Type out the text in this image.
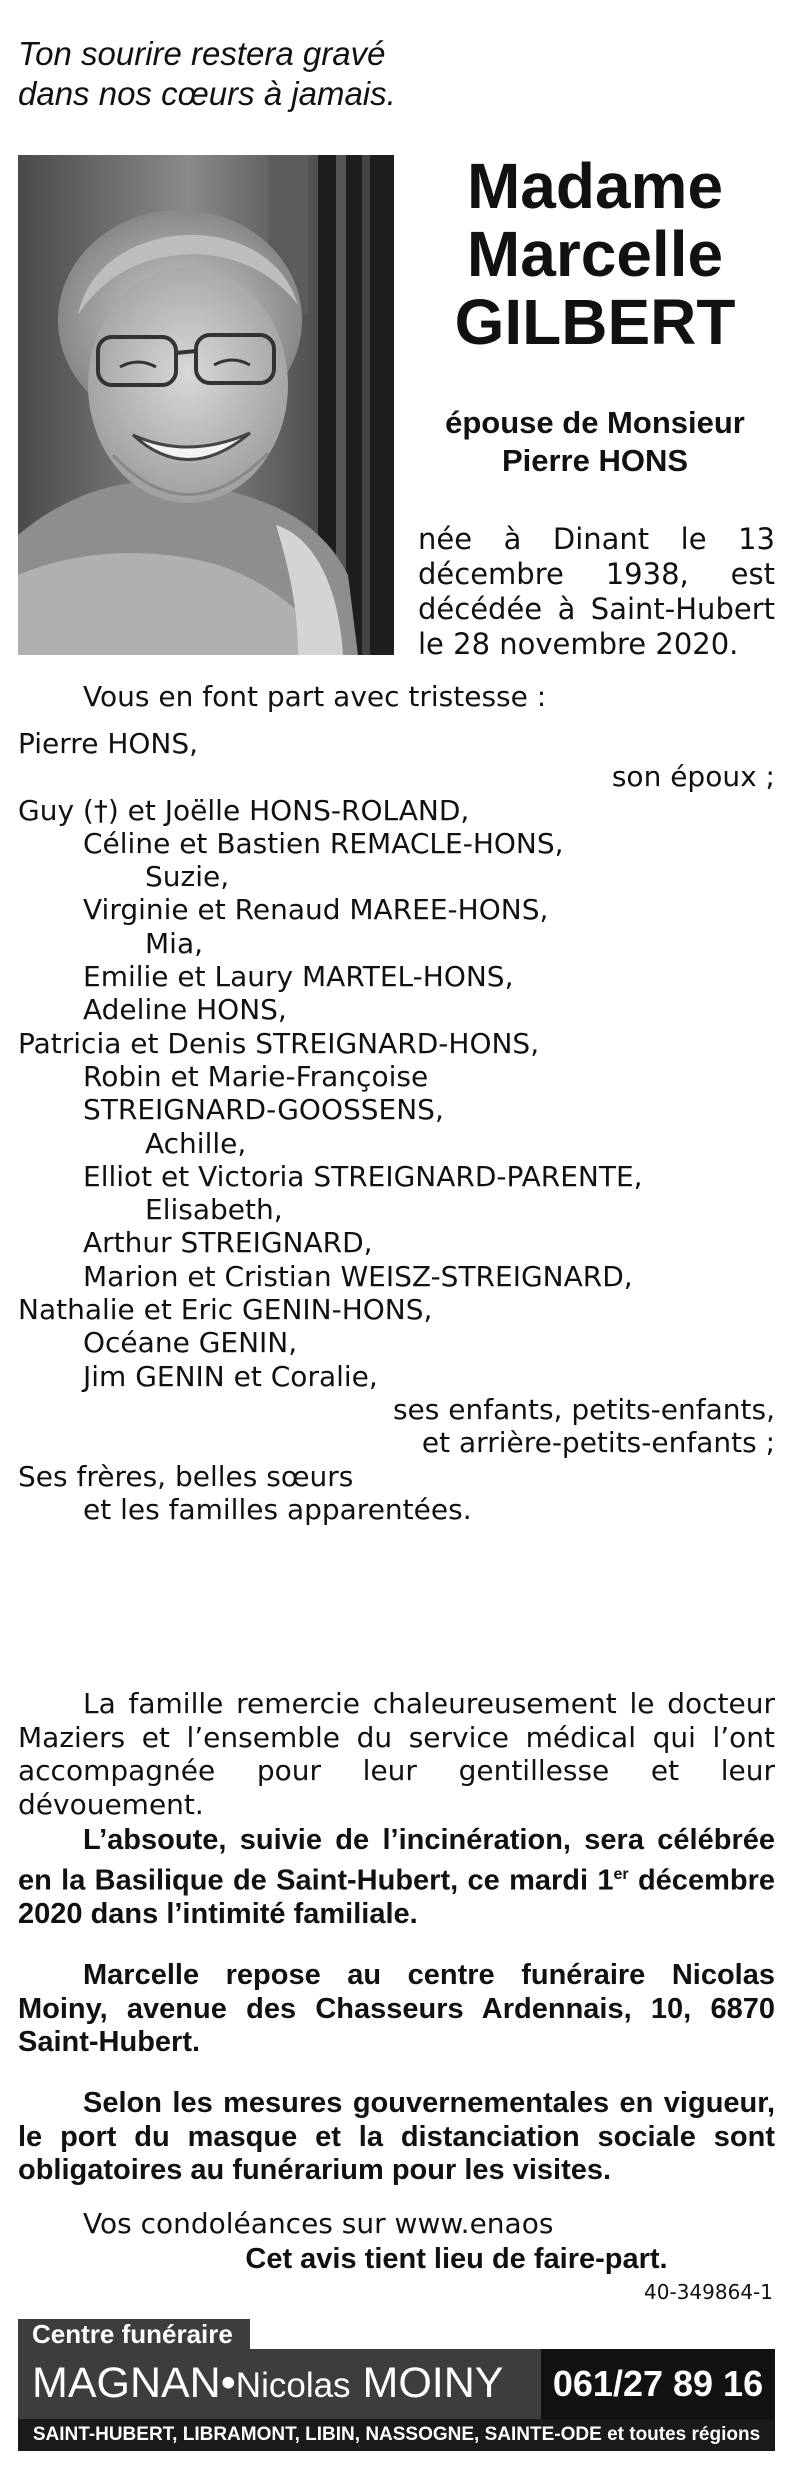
Ton sourire restera gravé
dans nos cœurs à jamais.
Madame
Marcelle
GILBERT
épouse de Monsieur
Pierre HONS
née à Dinant le 13 décembre 1938, est décédée à Saint-Hubert le 28 novembre 2020.
Vous en font part avec tristesse :
Pierre HONS,
son époux ;
Guy (†) et Joëlle HONS-ROLAND,
Céline et Bastien REMACLE-HONS,
Suzie,
Virginie et Renaud MAREE-HONS,
Mia,
Emilie et Laury MARTEL-HONS,
Adeline HONS,
Patricia et Denis STREIGNARD-HONS,
Robin et Marie-Françoise
STREIGNARD-GOOSSENS,
Achille,
Elliot et Victoria STREIGNARD-PARENTE,
Elisabeth,
Arthur STREIGNARD,
Marion et Cristian WEISZ-STREIGNARD,
Nathalie et Eric GENIN-HONS,
Océane GENIN,
Jim GENIN et Coralie,
ses enfants, petits-enfants,
et arrière-petits-enfants ;
Ses frères, belles sœurs
et les familles apparentées.
La famille remercie chaleureusement le docteur Maziers et l’ensemble du service médical qui l’ont accompagnée pour leur gentillesse et leur dévouement.
L’absoute, suivie de l’incinération, sera célébrée en la Basilique de Saint-Hubert, ce mardi 1er décembre 2020 dans l’intimité familiale.
Marcelle repose au centre funéraire Nicolas Moiny, avenue des Chasseurs Ardennais, 10, 6870 Saint-Hubert.
Selon les mesures gouvernementales en vigueur, le port du masque et la distanciation sociale sont obligatoires au funérarium pour les visites.
Vos condoléances sur www.enaos
Cet avis tient lieu de faire-part.
40-349864-1
Centre funéraire
MAGNAN•Nicolas MOINY	061/27 89 16
SAINT-HUBERT, LIBRAMONT, LIBIN, NASSOGNE, SAINTE-ODE et toutes régions
